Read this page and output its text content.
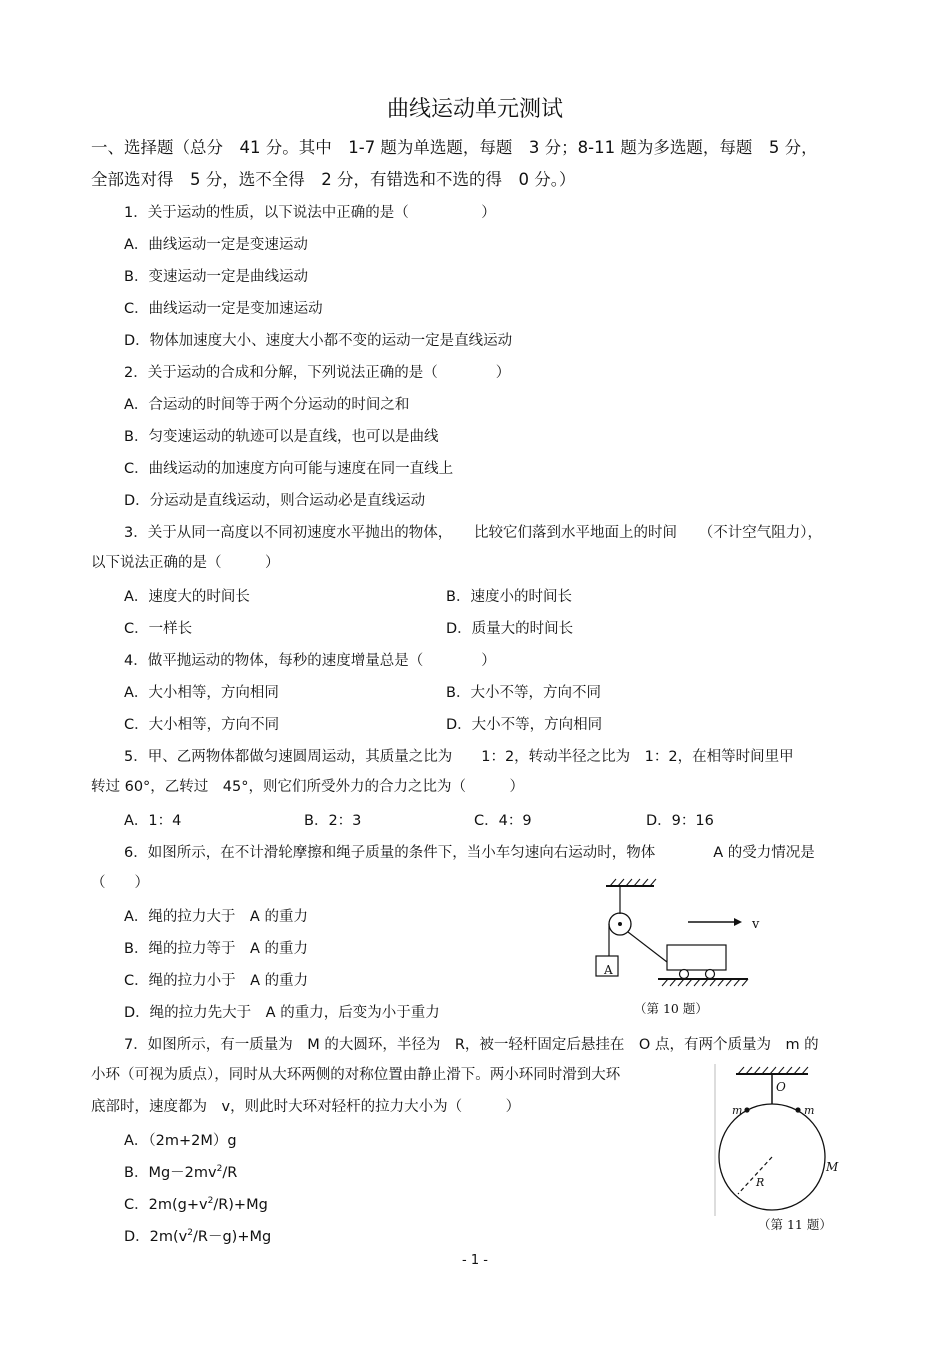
曲线运动单元测试
一、选择题（总分　41 分。其中　1-7 题为单选题，每题　3 分；8-11 题为多选题，每题　5 分，
全部选对得　5 分，选不全得　2 分，有错选和不选的得　0 分。）
1．关于运动的性质，以下说法中正确的是（　　　　　）
A．曲线运动一定是变速运动
B．变速运动一定是曲线运动
C．曲线运动一定是变加速运动
D．物体加速度大小、速度大小都不变的运动一定是直线运动
2．关于运动的合成和分解，下列说法正确的是（　　　　）
A．合运动的时间等于两个分运动的时间之和
B．匀变速运动的轨迹可以是直线，也可以是曲线
C．曲线运动的加速度方向可能与速度在同一直线上
D．分运动是直线运动，则合运动必是直线运动
3．关于从同一高度以不同初速度水平抛出的物体，　　比较它们落到水平地面上的时间　　（不计空气阻力），
以下说法正确的是（　　　）
A．速度大的时间长	B．速度小的时间长
C．一样长	D．质量大的时间长
4．做平抛运动的物体，每秒的速度增量总是（　　　　）
A．大小相等，方向相同	B．大小不等，方向不同
C．大小相等，方向不同	D．大小不等，方向相同
5．甲、乙两物体都做匀速圆周运动，其质量之比为　　1：2，转动半径之比为　1：2，在相等时间里甲
转过 60°，乙转过　45°，则它们所受外力的合力之比为（　　　）
A．1：4	B．2：3	C．4：9	D．9：16
6．如图所示，在不计滑轮摩擦和绳子质量的条件下，当小车匀速向右运动时，物体　　　　A 的受力情况是
（　　）
A．绳的拉力大于　A 的重力
B．绳的拉力等于　A 的重力
C．绳的拉力小于　A 的重力
D．绳的拉力先大于　A 的重力，后变为小于重力
A
v
（第 10 题）
7．如图所示，有一质量为　M 的大圆环，半径为　R，被一轻杆固定后悬挂在　O 点，有两个质量为　m 的
小环（可视为质点），同时从大环两侧的对称位置由静止滑下。两小环同时滑到大环
底部时，速度都为　v，则此时大环对轻杆的拉力大小为（　　　）
A．（2m+2M）g
B．$Mg-2mv^2/R$
C．$2m(g+v^2/R)+Mg$
D．$2m(v^2/R-g)+Mg$
O
m	m
M
R
（第 11 题）
- 1 -
